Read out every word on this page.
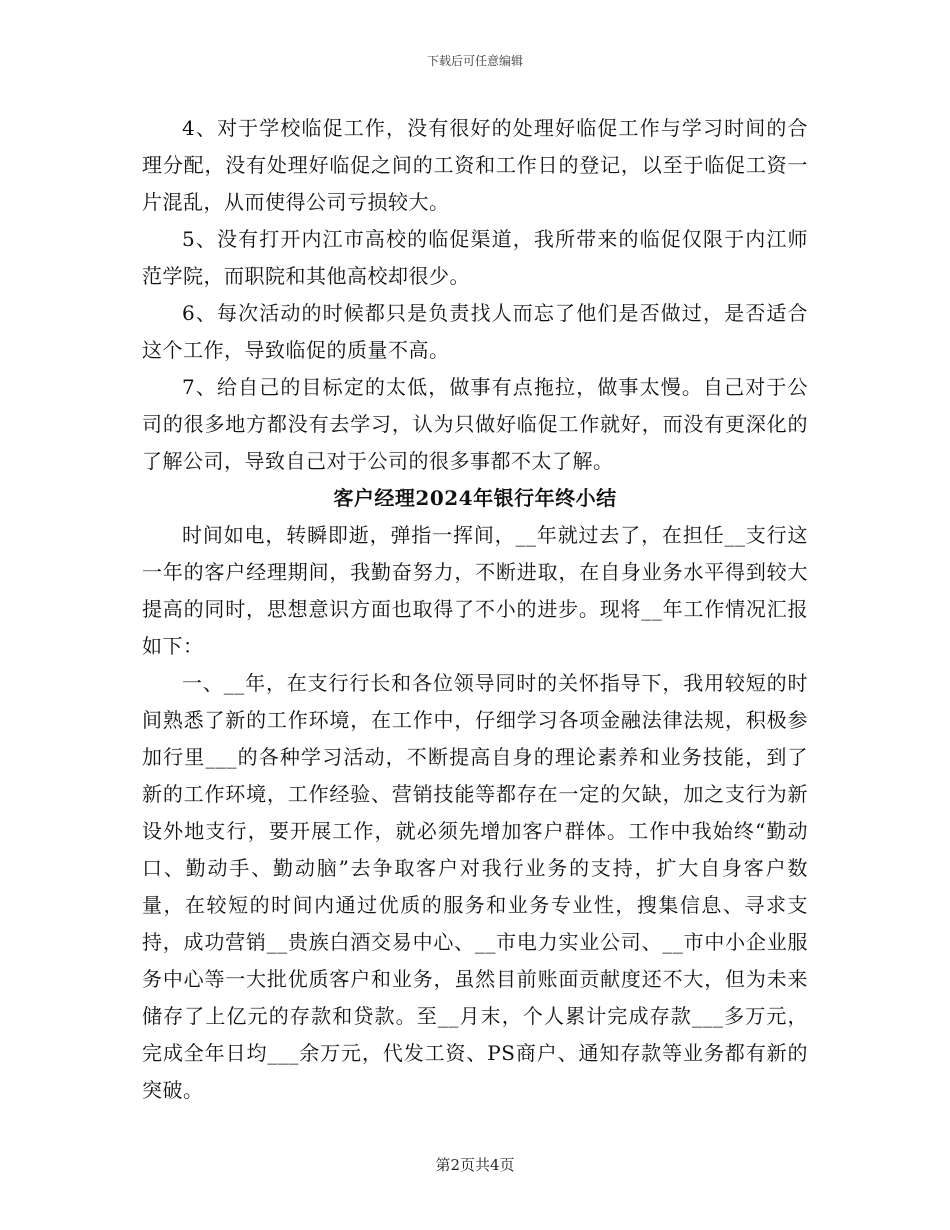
下载后可任意编辑

4、对于学校临促工作，没有很好的处理好临促工作与学习时间的合理分配，没有处理好临促之间的工资和工作日的登记，以至于临促工资一片混乱，从而使得公司亏损较大。

5、没有打开内江市高校的临促渠道，我所带来的临促仅限于内江师范学院，而职院和其他高校却很少。

6、每次活动的时候都只是负责找人而忘了他们是否做过，是否适合这个工作，导致临促的质量不高。

7、给自己的目标定的太低，做事有点拖拉，做事太慢。自己对于公司的很多地方都没有去学习，认为只做好临促工作就好，而没有更深化的了解公司，导致自己对于公司的很多事都不太了解。

客户经理2024年银行年终小结

时间如电，转瞬即逝，弹指一挥间，__年就过去了，在担任__支行这一年的客户经理期间，我勤奋努力，不断进取，在自身业务水平得到较大提高的同时，思想意识方面也取得了不小的进步。现将__年工作情况汇报如下：

一、__年，在支行行长和各位领导同时的关怀指导下，我用较短的时间熟悉了新的工作环境，在工作中，仔细学习各项金融法律法规，积极参加行里___的各种学习活动，不断提高自身的理论素养和业务技能，到了新的工作环境，工作经验、营销技能等都存在一定的欠缺，加之支行为新设外地支行，要开展工作，就必须先增加客户群体。工作中我始终“勤动口、勤动手、勤动脑”去争取客户对我行业务的支持，扩大自身客户数量，在较短的时间内通过优质的服务和业务专业性，搜集信息、寻求支持，成功营销__贵族白酒交易中心、__市电力实业公司、__市中小企业服务中心等一大批优质客户和业务，虽然目前账面贡献度还不大，但为未来储存了上亿元的存款和贷款。至__月末，个人累计完成存款___多万元，完成全年日均___余万元，代发工资、PS商户、通知存款等业务都有新的突破。

第2页共4页
